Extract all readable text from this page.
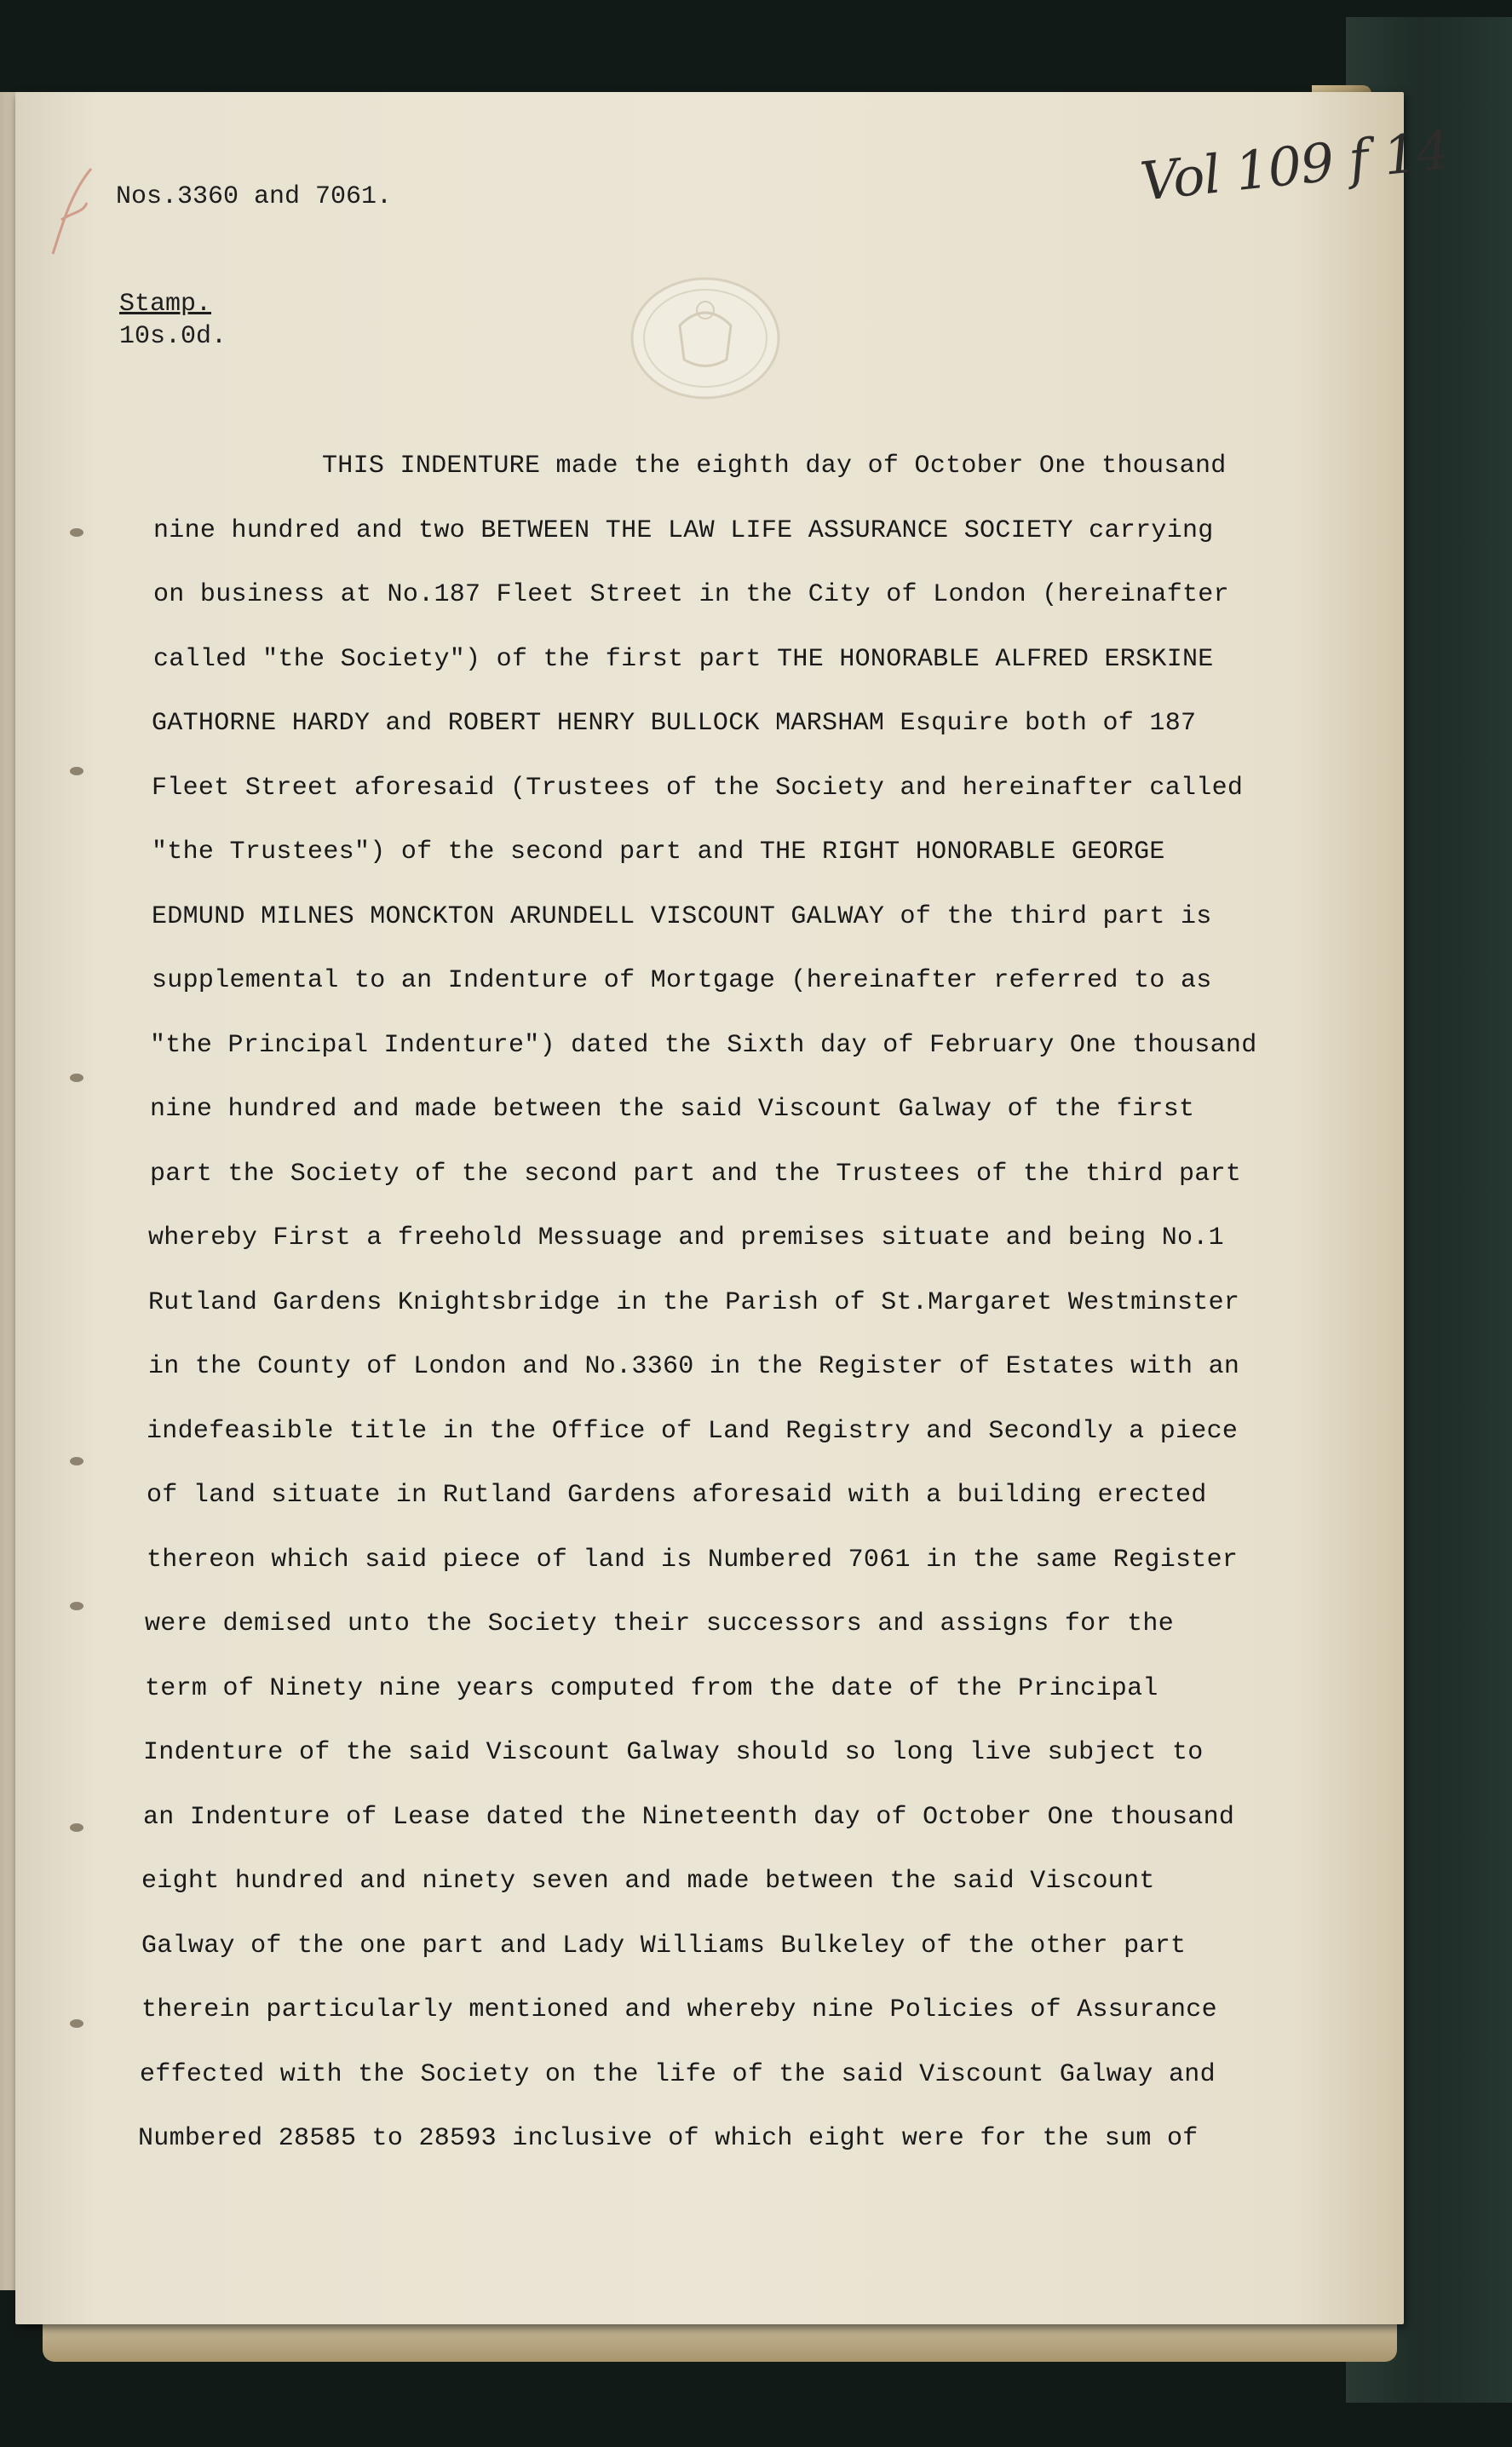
Nos.3360 and 7061.	Vol 109 f 14
Stamp.
10s.0d.
THIS INDENTURE made the eighth day of October One thousand
nine hundred and two BETWEEN THE LAW LIFE ASSURANCE SOCIETY carrying
on business at No.187 Fleet Street in the City of London (hereinafter
called "the Society") of the first part THE HONORABLE ALFRED ERSKINE
GATHORNE HARDY and ROBERT HENRY BULLOCK MARSHAM Esquire both of 187
Fleet Street aforesaid (Trustees of the Society and hereinafter called
"the Trustees") of the second part and THE RIGHT HONORABLE GEORGE
EDMUND MILNES MONCKTON ARUNDELL VISCOUNT GALWAY of the third part is
supplemental to an Indenture of Mortgage (hereinafter referred to as
"the Principal Indenture") dated the Sixth day of February One thousand
nine hundred and made between the said Viscount Galway of the first
part the Society of the second part and the Trustees of the third part
whereby First a freehold Messuage and premises situate and being No.1
Rutland Gardens Knightsbridge in the Parish of St.Margaret Westminster
in the County of London and No.3360 in the Register of Estates with an
indefeasible title in the Office of Land Registry and Secondly a piece
of land situate in Rutland Gardens aforesaid with a building erected
thereon which said piece of land is Numbered 7061 in the same Register
were demised unto the Society their successors and assigns for the
term of Ninety nine years computed from the date of the Principal
Indenture of the said Viscount Galway should so long live subject to
an Indenture of Lease dated the Nineteenth day of October One thousand
eight hundred and ninety seven and made between the said Viscount
Galway of the one part and Lady Williams Bulkeley of the other part
therein particularly mentioned and whereby nine Policies of Assurance
effected with the Society on the life of the said Viscount Galway and
Numbered 28585 to 28593 inclusive of which eight were for the sum of
